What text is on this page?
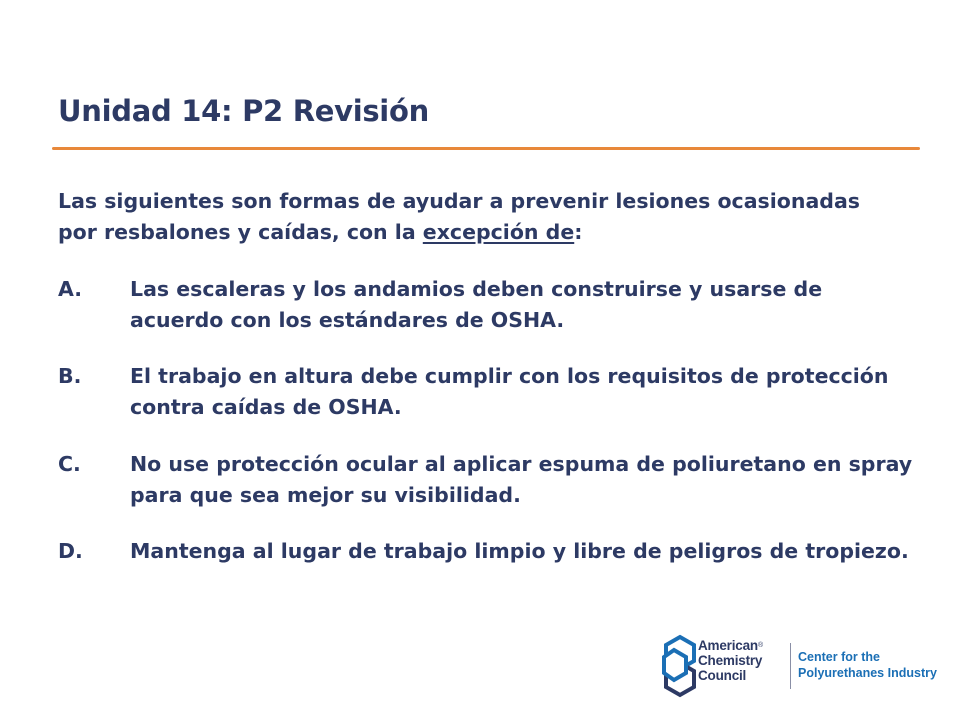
Unidad 14: P2 Revisión
Las siguientes son formas de ayudar a prevenir lesiones ocasionadas por resbalones y caídas, con la excepción de:
A. Las escaleras y los andamios deben construirse y usarse de acuerdo con los estándares de OSHA.
B. El trabajo en altura debe cumplir con los requisitos de protección contra caídas de OSHA.
C. No use protección ocular al aplicar espuma de poliuretano en spray para que sea mejor su visibilidad.
D. Mantenga al lugar de trabajo limpio y libre de peligros de tropiezo.
American®
Chemistry
Council
Center for the
Polyurethanes Industry
